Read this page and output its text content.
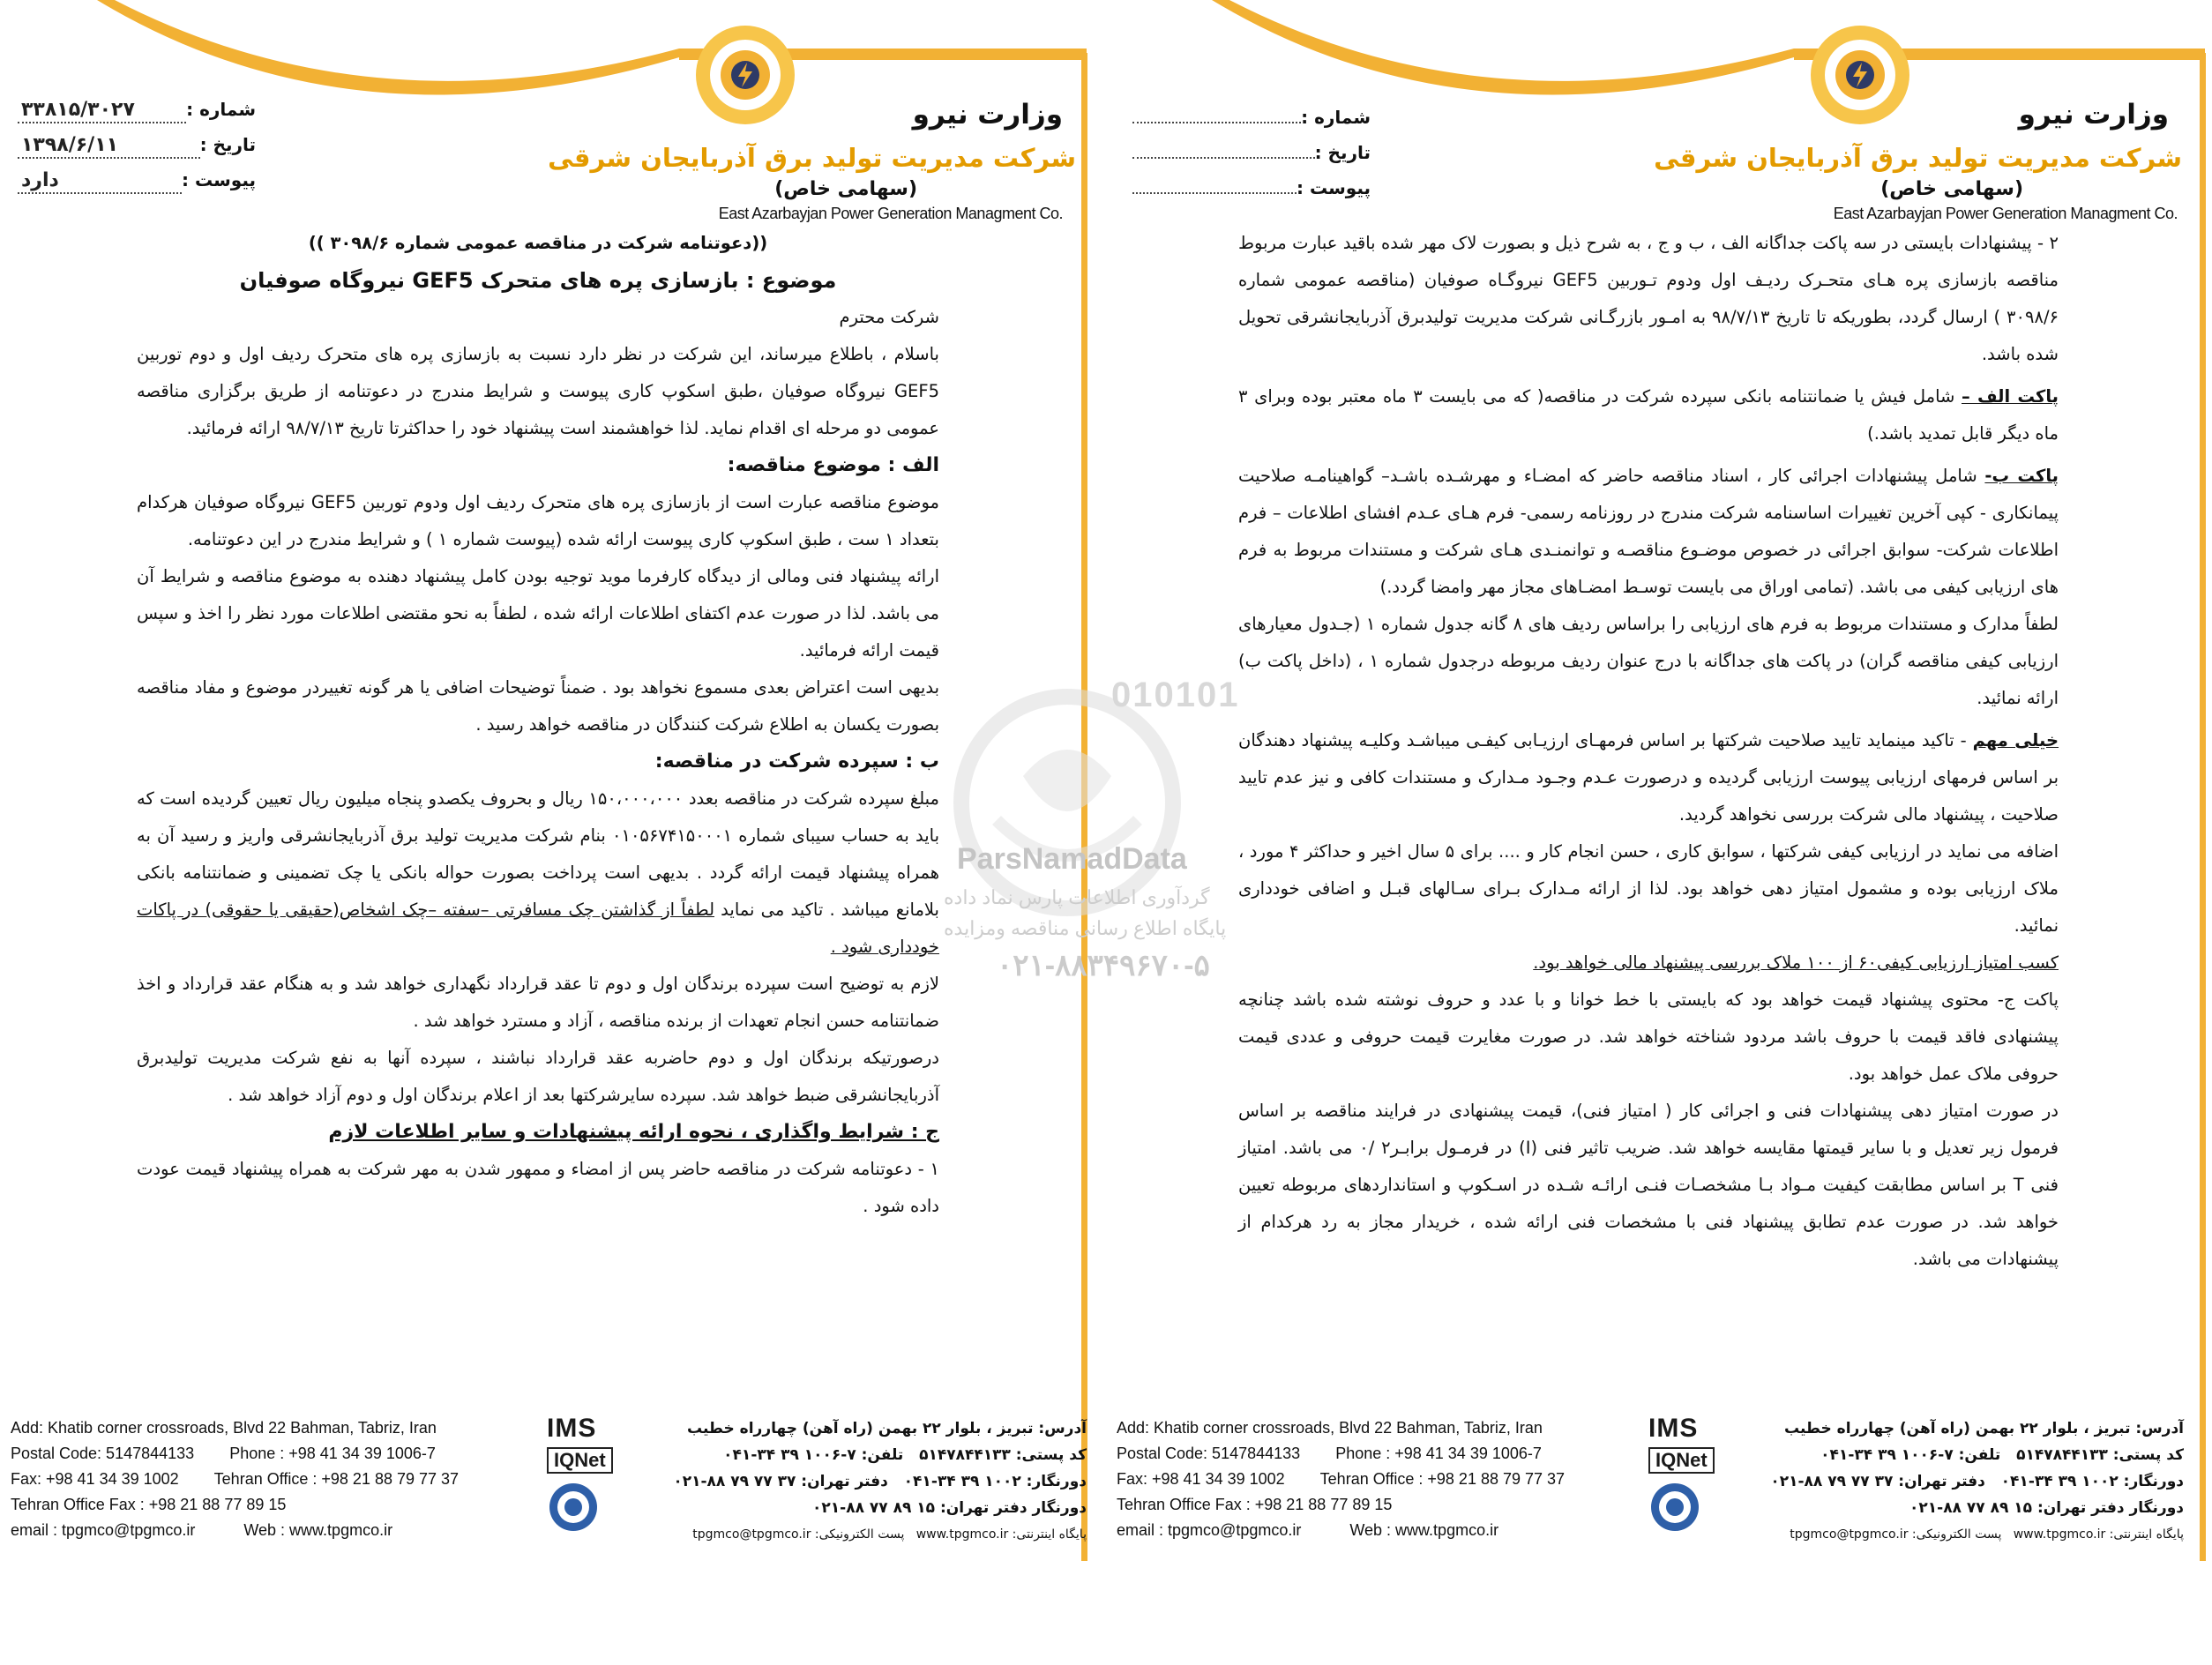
وزارت نیرو
شرکت مدیریت تولید برق آذربایجان شرقی
(سهامی خاص)
East Azarbayjan Power Generation Managment Co.
شماره :
۳۳۸۱۵/۳۰۲۷
تاریخ :
۱۳۹۸/۶/۱۱
پیوست :
دارد

((دعوتنامه شرکت در مناقصه عمومی شماره ۳۰۹۸/۶ ))

موضوع : بازسازی پره های متحرک GEF5 نیروگاه صوفیان

شرکت محترم

باسلام ، باطلاع میرساند، این شرکت در نظر دارد نسبت به بازسازی پره های متحرک ردیف اول و دوم توربین GEF5 نیروگاه صوفیان ،طبق اسکوپ کاری پیوست و شرایط مندرج در دعوتنامه از طریق برگزاری مناقصه عمومی دو مرحله ای اقدام نماید. لذا خواهشمند است پیشنهاد خود را حداکثرتا تاریخ ۹۸/۷/۱۳ ارائه فرمائید.

الف : موضوع مناقصه:

موضوع مناقصه عبارت است از بازسازی پره های متحرک ردیف اول ودوم توربین GEF5 نیروگاه صوفیان هرکدام بتعداد ۱ ست ، طبق اسکوپ کاری پیوست ارائه شده (پیوست شماره ۱ ) و شرایط مندرج در این دعوتنامه.

ارائه پیشنهاد فنی ومالی از دیدگاه کارفرما موید توجیه بودن کامل پیشنهاد دهنده به موضوع مناقصه و شرایط آن می باشد. لذا در صورت عدم اکتفای اطلاعات ارائه شده ، لطفاً به نحو مقتضی اطلاعات مورد نظر را اخذ و سپس قیمت ارائه فرمائید.

بدیهی است اعتراض بعدی مسموع نخواهد بود . ضمناً توضیحات اضافی یا هر گونه تغییردر موضوع و مفاد مناقصه بصورت یکسان به اطلاع شرکت کنندگان در مناقصه خواهد رسید .

ب : سپرده شرکت در مناقصه:

مبلغ سپرده شرکت در مناقصه بعدد ۱۵۰،۰۰۰،۰۰۰ ریال و بحروف یکصدو پنجاه میلیون ریال تعیین گردیده است که باید به حساب سیبای شماره ۰۱۰۵۶۷۴۱۵۰۰۰۱ بنام شرکت مدیریت تولید برق آذربایجانشرقی واریز و رسید آن به همراه پیشنهاد قیمت ارائه گردد . بدیهی است پرداخت بصورت حواله بانکی یا چک تضمینی و ضمانتنامه بانکی بلامانع میباشد . تاکید می نماید لطفاً از گذاشتن چک مسافرتی –سفته –چک اشخاص(حقیقی یا حقوقی) در پاکات خودداری شود .

لازم به توضیح است سپرده برندگان اول و دوم تا عقد قرارداد نگهداری خواهد شد و به هنگام عقد قرارداد و اخذ ضمانتنامه حسن انجام تعهدات از برنده مناقصه ، آزاد و مسترد خواهد شد .

درصورتیکه برندگان اول و دوم حاضربه عقد قرارداد نباشند ، سپرده آنها به نفع شرکت مدیریت تولیدبرق آذربایجانشرقی ضبط خواهد شد. سپرده سایرشرکتها بعد از اعلام برندگان اول و دوم آزاد خواهد شد .

ج : شرایط واگذاری ، نحوه ارائه پیشنهادات و سایر اطلاعات لازم

۱ - دعوتنامه شرکت در مناقصه حاضر پس از امضاء و ممهور شدن به مهر شرکت به همراه پیشنهاد قیمت عودت داده شود .

Add: Khatib corner crossroads, Blvd 22 Bahman, Tabriz, Iran
Postal Code: 5147844133 Phone : +98 41 34 39 1006-7
Fax: +98 41 34 39 1002 Tehran Office : +98 21 88 79 77 37
Tehran Office Fax : +98 21 88 77 89 15
email : tpgmco@tpgmco.ir	Web : www.tpgmco.ir
IMS
IQNet
آدرس: تبریز ، بلوار ۲۲ بهمن (راه آهن) چهارراه خطیب
کد پستی: ۵۱۴۷۸۴۴۱۳۳   تلفن: ۷-۱۰۰۶ ۳۹ ۳۴-۰۴۱
دورنگار: ۱۰۰۲ ۳۹ ۳۴-۰۴۱   دفتر تهران: ۳۷ ۷۷ ۷۹ ۸۸-۰۲۱
دورنگار دفتر تهران: ۱۵ ۸۹ ۷۷ ۸۸-۰۲۱
پایگاه اینترنتی: www.tpgmco.ir   پست الکترونیکی: tpgmco@tpgmco.ir
وزارت نیرو
شرکت مدیریت تولید برق آذربایجان شرقی
(سهامی خاص)
East Azarbayjan Power Generation Managment Co.
شماره :
تاریخ :
پیوست :

۲ - پیشنهادات بایستی در سه پاکت جداگانه الف ، ب و ج ، به شرح ذیل و بصورت لاک مهر شده باقید عبارت مربوط مناقصه بازسازی پره هـای متحـرک ردیـف اول ودوم تـوربین GEF5 نیروگـاه صوفیان (مناقصه عمومی شماره ۳۰۹۸/۶ ) ارسال گردد، بطوریکه تا تاریخ ۹۸/۷/۱۳ به امـور بازرگـانی شرکت مدیریت تولیدبرق آذربایجانشرقی تحویل شده باشد.

پاکت الف – شامل فیش یا ضمانتنامه بانکی سپرده شرکت در مناقصه( که می بایست ۳ ماه معتبر بوده وبرای ۳ ماه دیگر قابل تمدید باشد.)

پاکت ب- شامل پیشنهادات اجرائی کار ، اسناد مناقصه حاضر که امضـاء و مهرشـده باشـد– گواهینامـه صلاحیت پیمانکاری - کپی آخرین تغییرات اساسنامه شرکت مندرج در روزنامه رسمی- فرم هـای عـدم افشای اطلاعات – فرم اطلاعات شرکت- سوابق اجرائی در خصوص موضـوع مناقصـه و توانمنـدی هـای شرکت و مستندات مربوط به فرم های ارزیابی کیفی می باشد. (تمامی اوراق می بایست توسـط امضـاهای مجاز مهر وامضا گردد.)

لطفاً مدارک و مستندات مربوط به فرم های ارزیابی را براساس ردیف های ۸ گانه جدول شماره ۱ (جـدول معیارهای ارزیابی کیفی مناقصه گران) در پاکت های جداگانه با درج عنوان ردیف مربوطه درجدول شماره ۱ ، (داخل پاکت ب) ارائه نمائید.

خیلی مهم - تاکید مینماید تایید صلاحیت شرکتها بر اساس فرمهـای ارزیـابی کیفـی میباشـد وکلیـه پیشنهاد دهندگان بر اساس فرمهای ارزیابی پیوست ارزیابی گردیده و درصورت عـدم وجـود مـدارک و مستندات کافی و نیز عدم تایید صلاحیت ، پیشنهاد مالی شرکت بررسی نخواهد گردید.

اضافه می نماید در ارزیابی کیفی شرکتها ، سوابق کاری ، حسن انجام کار و .... برای ۵ سال اخیر و حداکثر ۴ مورد ، ملاک ارزیابی بوده و مشمول امتیاز دهی خواهد بود. لذا از ارائه مـدارک بـرای سـالهای قبـل و اضافی خودداری نمائید.

کسب امتیاز ارزیابی کیفی۶۰ از ۱۰۰ ملاک بررسی پیشنهاد مالی خواهد بود.

پاکت ج- محتوی پیشنهاد قیمت خواهد بود که بایستی با خط خوانا و با عدد و حروف نوشته شده باشد چنانچه پیشنهادی فاقد قیمت با حروف باشد مردود شناخته خواهد شد. در صورت مغایرت قیمت حروفی و عددی قیمت حروفی ملاک عمل خواهد بود.

در صورت امتیاز دهی پیشنهادات فنی و اجرائی کار ( امتیاز فنی)، قیمت پیشنهادی در فرایند مناقصه بر اساس فرمول زیر تعدیل و با سایر قیمتها مقایسه خواهد شد. ضریب تاثیر فنی (I) در فرمـول برابـر۲ /۰ می باشد. امتیاز فنی T بر اساس مطابقت کیفیت مـواد بـا مشخصـات فنـی ارائـه شـده در اسـکوپ و استانداردهای مربوطه تعیین خواهد شد. در صورت عدم تطابق پیشنهاد فنی با مشخصات فنی ارائه شده ، خریدار مجاز به رد هرکدام از پیشنهادات می باشد.

Add: Khatib corner crossroads, Blvd 22 Bahman, Tabriz, Iran
Postal Code: 5147844133 Phone : +98 41 34 39 1006-7
Fax: +98 41 34 39 1002 Tehran Office : +98 21 88 79 77 37
Tehran Office Fax : +98 21 88 77 89 15
email : tpgmco@tpgmco.ir	Web : www.tpgmco.ir
IMS
IQNet
آدرس: تبریز ، بلوار ۲۲ بهمن (راه آهن) چهارراه خطیب
کد پستی: ۵۱۴۷۸۴۴۱۳۳   تلفن: ۷-۱۰۰۶ ۳۹ ۳۴-۰۴۱
دورنگار: ۱۰۰۲ ۳۹ ۳۴-۰۴۱   دفتر تهران: ۳۷ ۷۷ ۷۹ ۸۸-۰۲۱
دورنگار دفتر تهران: ۱۵ ۸۹ ۷۷ ۸۸-۰۲۱
پایگاه اینترنتی: www.tpgmco.ir   پست الکترونیکی: tpgmco@tpgmco.ir
010101
ParsNamadData
گردآوری اطلاعات پارس نماد داده
پایگاه اطلاع رسانی مناقصه ومزایده
۰۲۱-۸۸۳۴۹۶۷۰-۵
